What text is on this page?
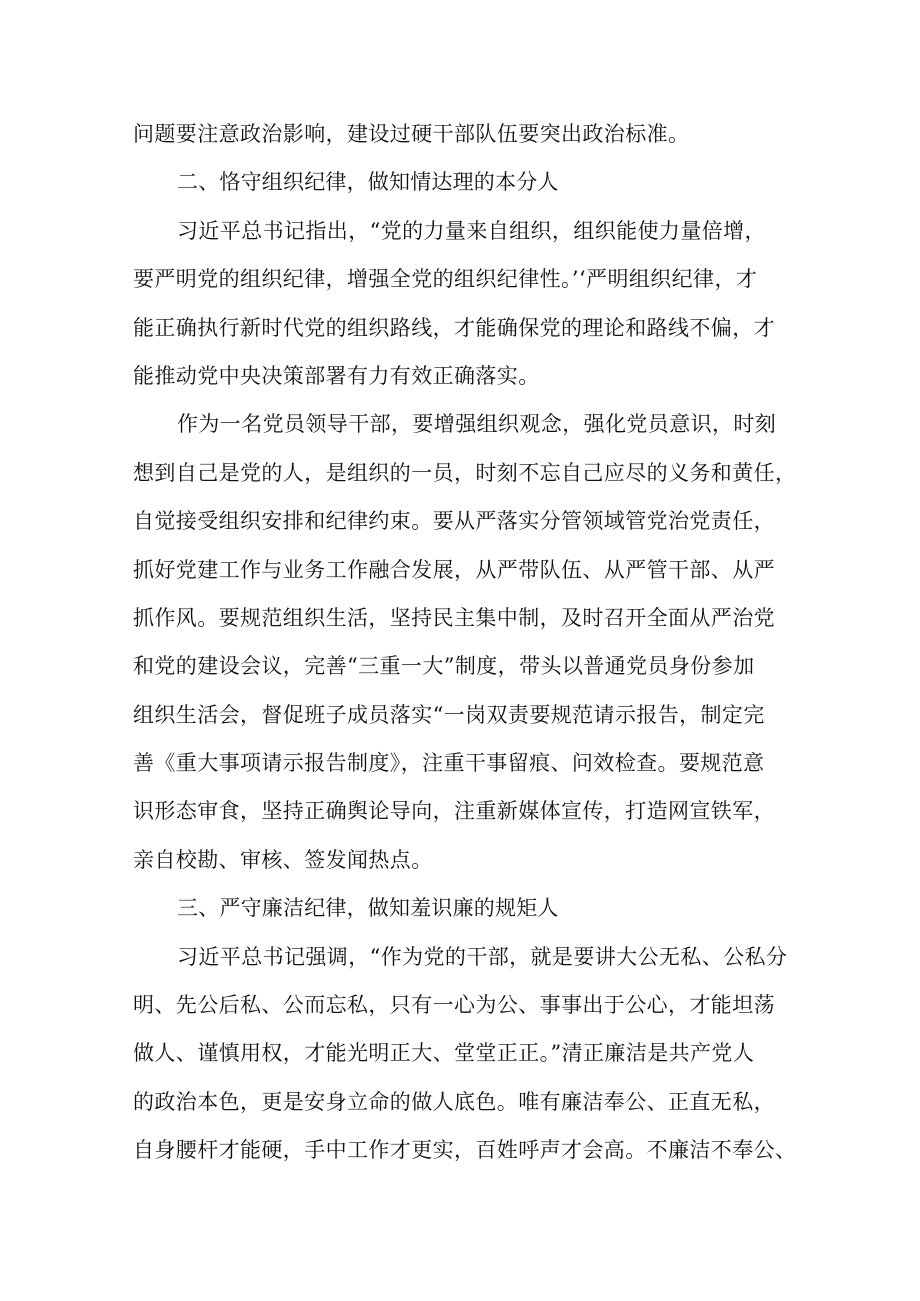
问题要注意政治影响，建设过硬干部队伍要突出政治标准。
二、恪守组织纪律，做知情达理的本分人
习近平总书记指出，“党的力量来自组织，组织能使力量倍增，
要严明党的组织纪律，增强全党的组织纪律性。’‘严明组织纪律，才
能正确执行新时代党的组织路线，才能确保党的理论和路线不偏，才
能推动党中央决策部署有力有效正确落实。
作为一名党员领导干部，要增强组织观念，强化党员意识，时刻
想到自己是党的人，是组织的一员，时刻不忘自己应尽的义务和黄任，
自觉接受组织安排和纪律约束。要从严落实分管领域管党治党责任，
抓好党建工作与业务工作融合发展，从严带队伍、从严管干部、从严
抓作风。要规范组织生活，坚持民主集中制，及时召开全面从严治党
和党的建设会议，完善“三重一大”制度，带头以普通党员身份参加
组织生活会，督促班子成员落实“一岗双责要规范请示报告，制定完
善《重大事项请示报告制度》，注重干事留痕、问效检查。要规范意
识形态审食，坚持正确舆论导向，注重新媒体宣传，打造网宣铁军，
亲自校勘、审核、签发闻热点。
三、严守廉洁纪律，做知羞识廉的规矩人
习近平总书记强调，“作为党的干部，就是要讲大公无私、公私分
明、先公后私、公而忘私，只有一心为公、事事出于公心，才能坦荡
做人、谨慎用权，才能光明正大、堂堂正正。”清正廉洁是共产党人
的政治本色，更是安身立命的做人底色。唯有廉洁奉公、正直无私，
自身腰杆才能硬，手中工作才更实，百姓呼声才会高。不廉洁不奉公、
